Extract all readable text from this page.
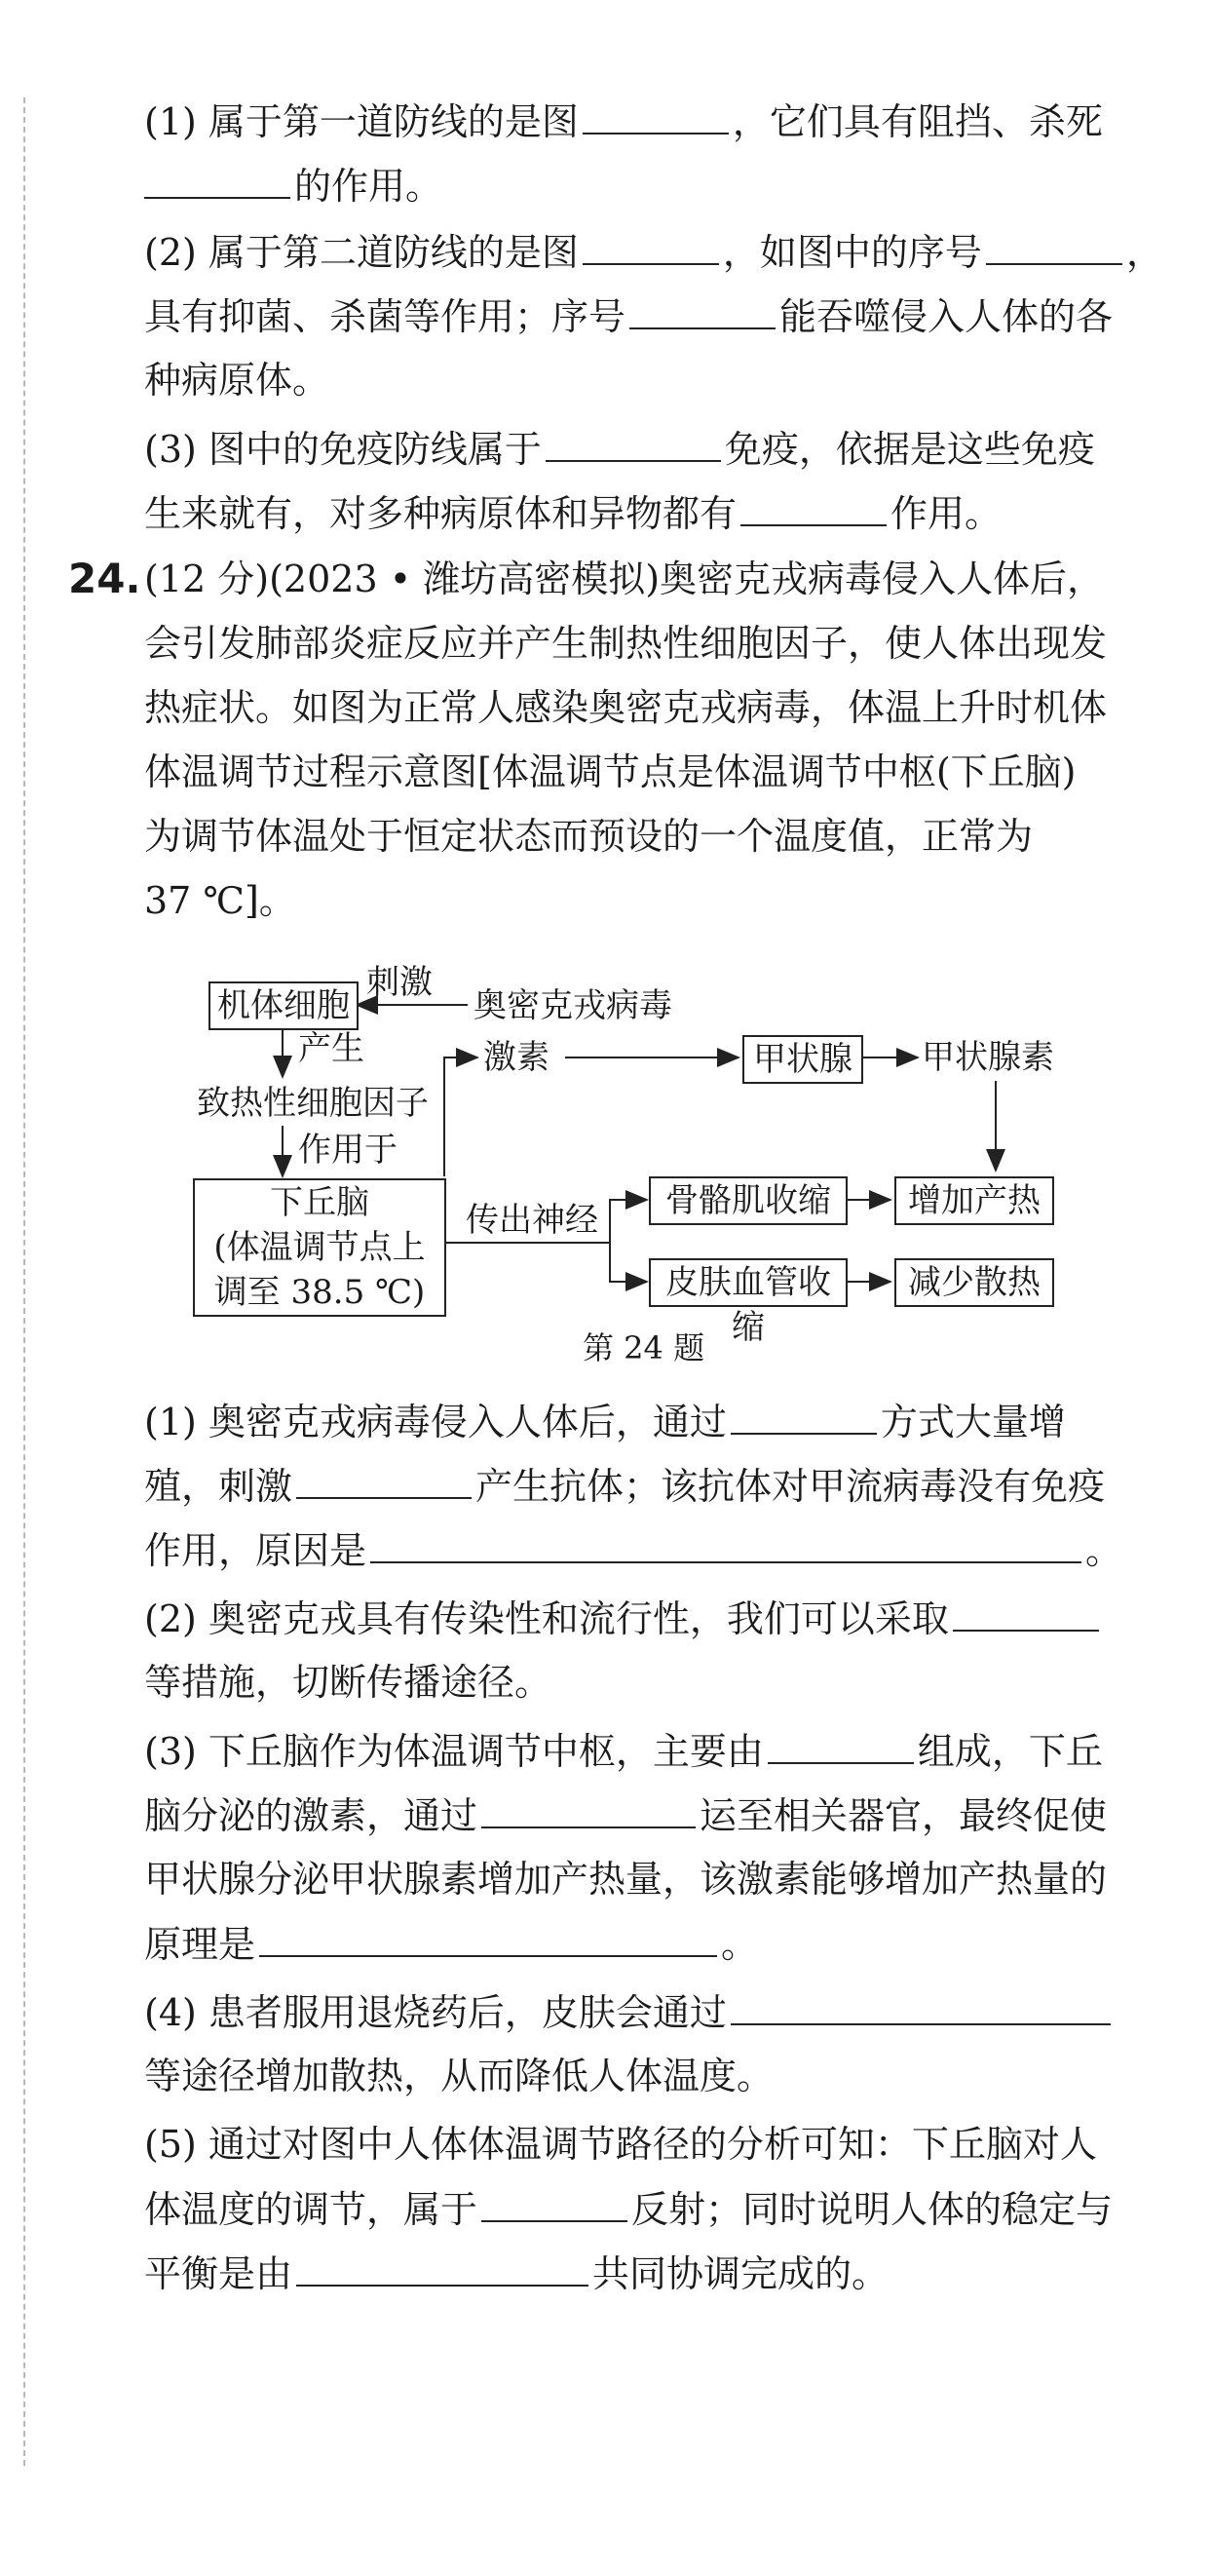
(1) 属于第一道防线的是图	，它们具有阻挡、杀死
的作用。
(2) 属于第二道防线的是图	，如图中的序号	，
具有抑菌、杀菌等作用；序号	能吞噬侵入人体的各
种病原体。
(3) 图中的免疫防线属于	免疫，依据是这些免疫
生来就有，对多种病原体和异物都有	作用。
24. (12 分)(2023 • 潍坊高密模拟)奥密克戎病毒侵入人体后，
会引发肺部炎症反应并产生制热性细胞因子，使人体出现发
热症状。如图为正常人感染奥密克戎病毒，体温上升时机体
体温调节过程示意图[体温调节点是体温调节中枢(下丘脑)
为调节体温处于恒定状态而预设的一个温度值，正常为
37 ℃]。
机体细胞
刺激
奥密克戎病毒
产生
致热性细胞因子
作用于
激素	甲状腺	甲状腺素
下丘脑
(体温调节点上
调至 38.5 ℃)
传出神经	骨骼肌收缩
皮肤血管收缩
增加产热
减少散热
第 24 题
(1) 奥密克戎病毒侵入人体后，通过	方式大量增
殖，刺激	产生抗体；该抗体对甲流病毒没有免疫
作用，原因是	。
(2) 奥密克戎具有传染性和流行性，我们可以采取
等措施，切断传播途径。
(3) 下丘脑作为体温调节中枢，主要由	组成，下丘
脑分泌的激素，通过	运至相关器官，最终促使
甲状腺分泌甲状腺素增加产热量，该激素能够增加产热量的
原理是	。
(4) 患者服用退烧药后，皮肤会通过
等途径增加散热，从而降低人体温度。
(5) 通过对图中人体体温调节路径的分析可知：下丘脑对人
体温度的调节，属于	反射；同时说明人体的稳定与
平衡是由	共同协调完成的。
